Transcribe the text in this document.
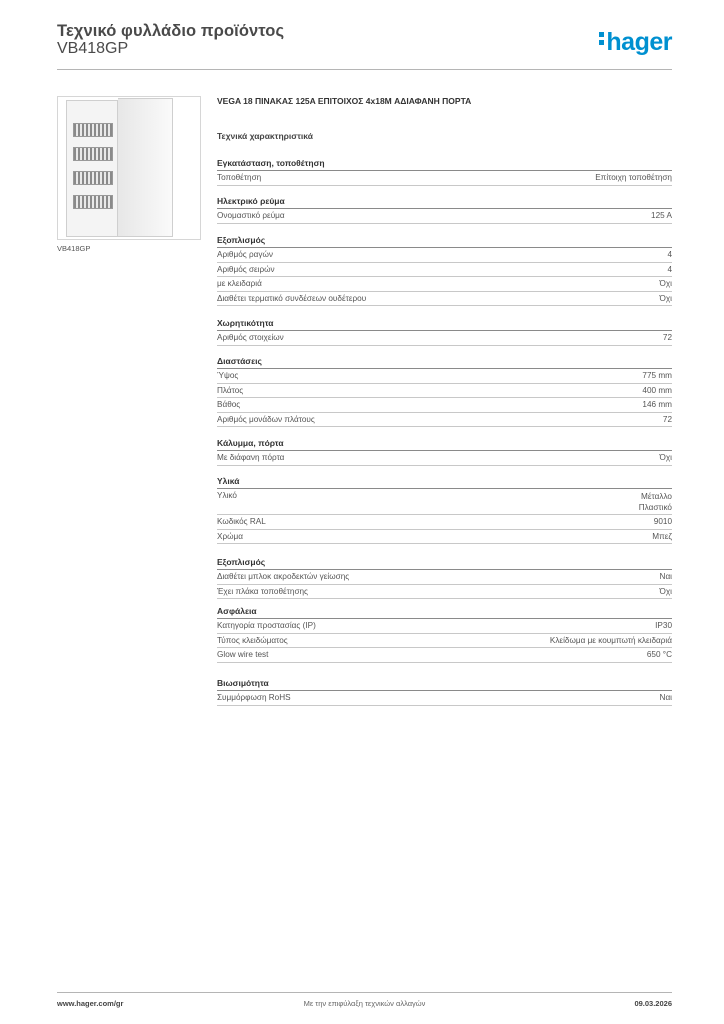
Τεχνικό φυλλάδιο προϊόντος
VB418GP	hager
VB418GP
VEGA 18 ΠΙΝΑΚΑΣ 125A ΕΠΙΤΟΙΧΟΣ 4x18M ΑΔΙΑΦΑΝΗ ΠΟΡΤΑ
Τεχνικά χαρακτηριστικά
Εγκατάσταση, τοποθέτηση
Τοποθέτηση	Επίτοιχη τοποθέτηση
Ηλεκτρικό ρεύμα
Ονομαστικό ρεύμα	125 A
Εξοπλισμός
Αριθμός ραγών	4
Αριθμός σειρών	4
με κλειδαριά	Όχι
Διαθέτει τερματικό συνδέσεων ουδέτερου	Όχι
Χωρητικότητα
Αριθμός στοιχείων	72
Διαστάσεις
Ύψος	775 mm
Πλάτος	400 mm
Βάθος	146 mm
Αριθμός μονάδων πλάτους	72
Κάλυμμα, πόρτα
Με διάφανη πόρτα	Όχι
Υλικά
Υλικό	Μέταλλο
Πλαστικό
Κωδικός RAL	9010
Χρώμα	Μπεζ
Εξοπλισμός
Διαθέτει μπλοκ ακροδεκτών γείωσης	Ναι
Έχει πλάκα τοποθέτησης	Όχι
Ασφάλεια
Κατηγορία προστασίας (IP)	IP30
Τύπος κλειδώματος	Κλείδωμα με κουμπωτή κλειδαριά
Glow wire test	650 °C
Βιωσιμότητα
Συμμόρφωση RoHS	Ναι
www.hager.com/gr	Με την επιφύλαξη τεχνικών αλλαγών	09.03.2026
